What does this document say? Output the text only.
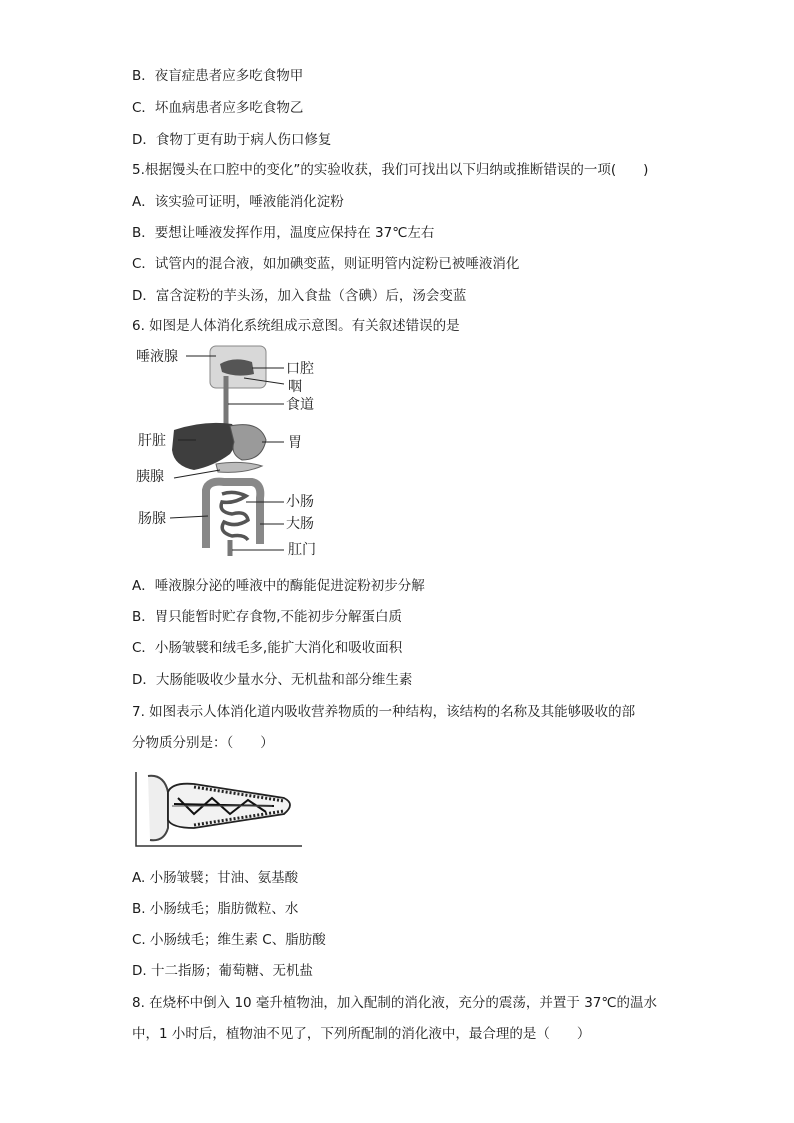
B．夜盲症患者应多吃食物甲
C．坏血病患者应多吃食物乙
D．食物丁更有助于病人伤口修复
5.根据馒头在口腔中的变化”的实验收获，我们可找出以下归纳或推断错误的一项(　　)
A．该实验可证明，唾液能消化淀粉
B．要想让唾液发挥作用，温度应保持在 37℃左右
C．试管内的混合液，如加碘变蓝，则证明管内淀粉已被唾液消化
D．富含淀粉的芋头汤，加入食盐（含碘）后，汤会变蓝
6. 如图是人体消化系统组成示意图。有关叙述错误的是
唾液腺
口腔
咽
食道
肝脏	胃
胰腺
小肠
肠腺	大肠
肛门
A．唾液腺分泌的唾液中的酶能促进淀粉初步分解
B．胃只能暂时贮存食物,不能初步分解蛋白质
C．小肠皱襞和绒毛多,能扩大消化和吸收面积
D．大肠能吸收少量水分、无机盐和部分维生素
7. 如图表示人体消化道内吸收营养物质的一种结构，该结构的名称及其能够吸收的部
分物质分别是：（　　）
A. 小肠皱襞；甘油、氨基酸
B. 小肠绒毛；脂肪微粒、水
C. 小肠绒毛；维生素 C、脂肪酸
D. 十二指肠；葡萄糖、无机盐
8. 在烧杯中倒入 10 毫升植物油，加入配制的消化液，充分的震荡，并置于 37℃的温水
中，1 小时后，植物油不见了，下列所配制的消化液中，最合理的是（　　）
